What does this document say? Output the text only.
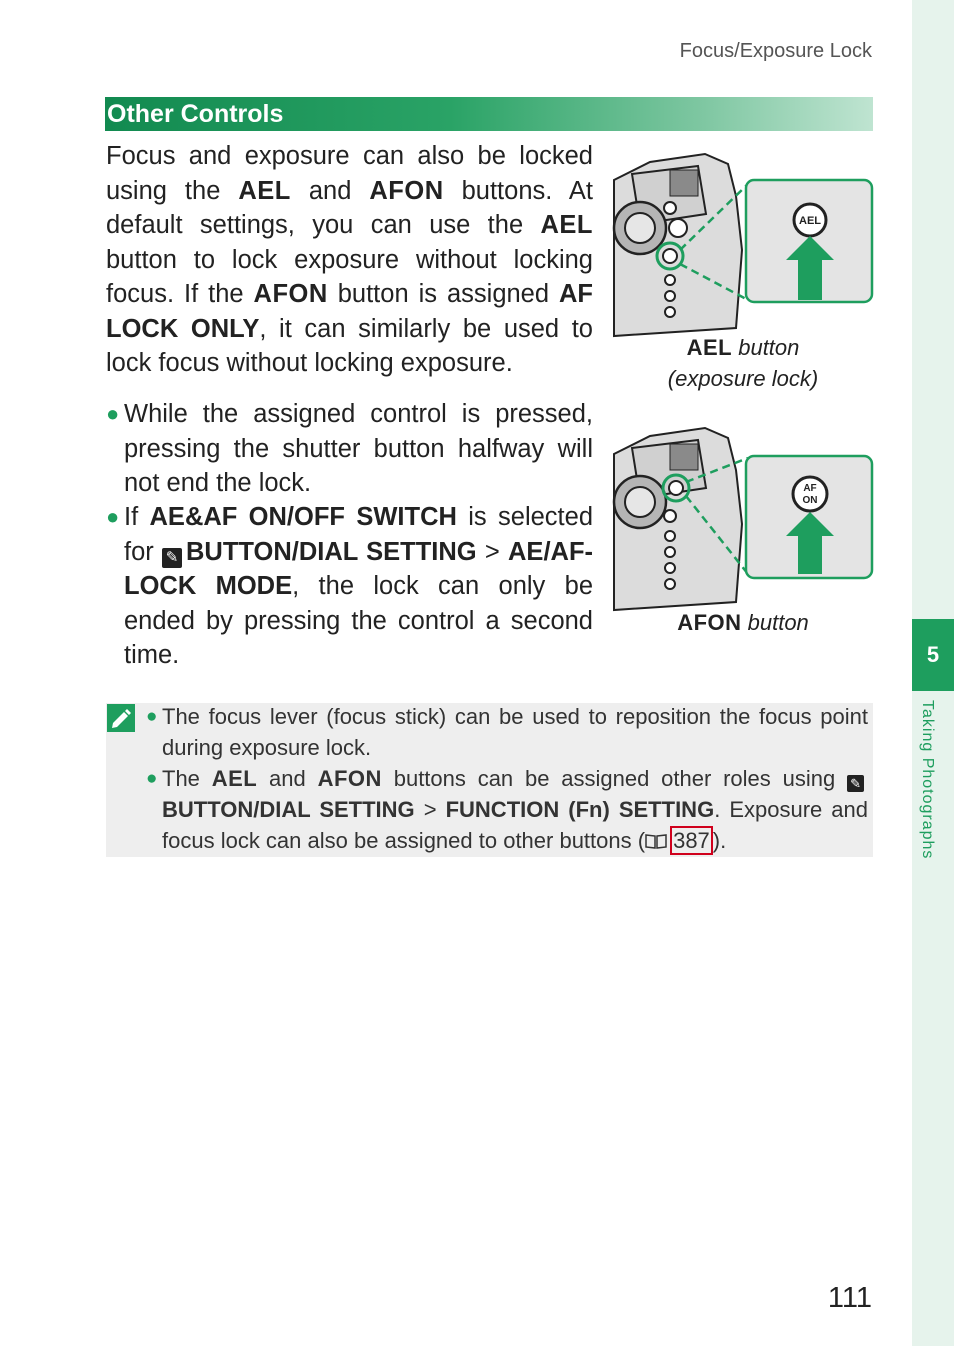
5
Taking Photographs
Focus/Exposure Lock
Other Controls
Focus and exposure can also be locked using the AEL and AFON buttons. At default settings, you can use the AEL button to lock exposure without locking focus. If the AFON button is assigned AF LOCK ONLY, it can similarly be used to lock focus without locking exposure.
● While the assigned control is pressed, pressing the shutter button halfway will not end the lock.
● If AE&AF ON/OFF SWITCH is selected for ✎ BUTTON/DIAL SETTING > AE/AF-LOCK MODE, the lock can only be ended by pressing the control a second time.
AEL
AEL button
(exposure lock)
AF
ON
AFON button
● The focus lever (focus stick) can be used to reposition the focus point during exposure lock.
● The AEL and AFON buttons can be assigned other roles using ✎BUTTON/DIAL SETTING > FUNCTION (Fn) SETTING. Exposure and focus lock can also be assigned to other buttons ( 387 ).
111
